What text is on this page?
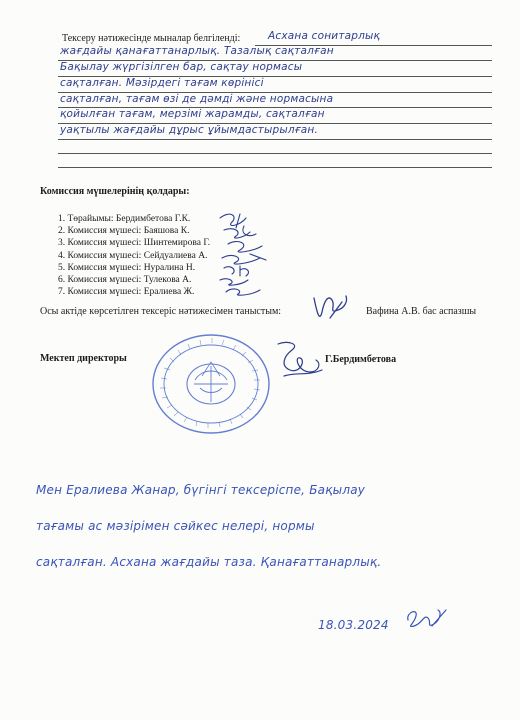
Тексеру нәтижесінде мыналар белгіленді:	Асхана сонитарлық
жағдайы қанағаттанарлық. Тазалық сақталған
Бақылау жүргізілген бар, сақтау нормасы
сақталған. Мәзірдегі тағам көрінісі
сақталған, тағам өзі де дәмді және нормасына
қойылған тағам, мерзімі жарамды, сақталған
уақтылы жағдайы дұрыс ұйымдастырылған.
Комиссия мүшелерінің қолдары:
1. Төрайымы: Бердимбетова Г.К.
2. Комиссия мүшесі: Баяшова К.
3. Комиссия мүшесі: Шинтемирова Г.
4. Комиссия мүшесі: Сейдуалиева А.
5. Комиссия мүшесі: Нуралина Н.
6. Комиссия мүшесі: Тулекова А.
7. Комиссия мүшесі: Ералиева Ж.
Осы актіде көрсетілген тексеріс нәтижесімен таныстым:	Вафина А.В. бас аспазшы
Мектеп директоры	Г.Бердимбетова
Мен Ералиева Жанар, бүгінгі тексеріспе, Бақылау
тағамы ас мәзірімен сәйкес нелері, нормы
сақталған. Асхана жағдайы таза. Қанағаттанарлық.
18.03.2024
